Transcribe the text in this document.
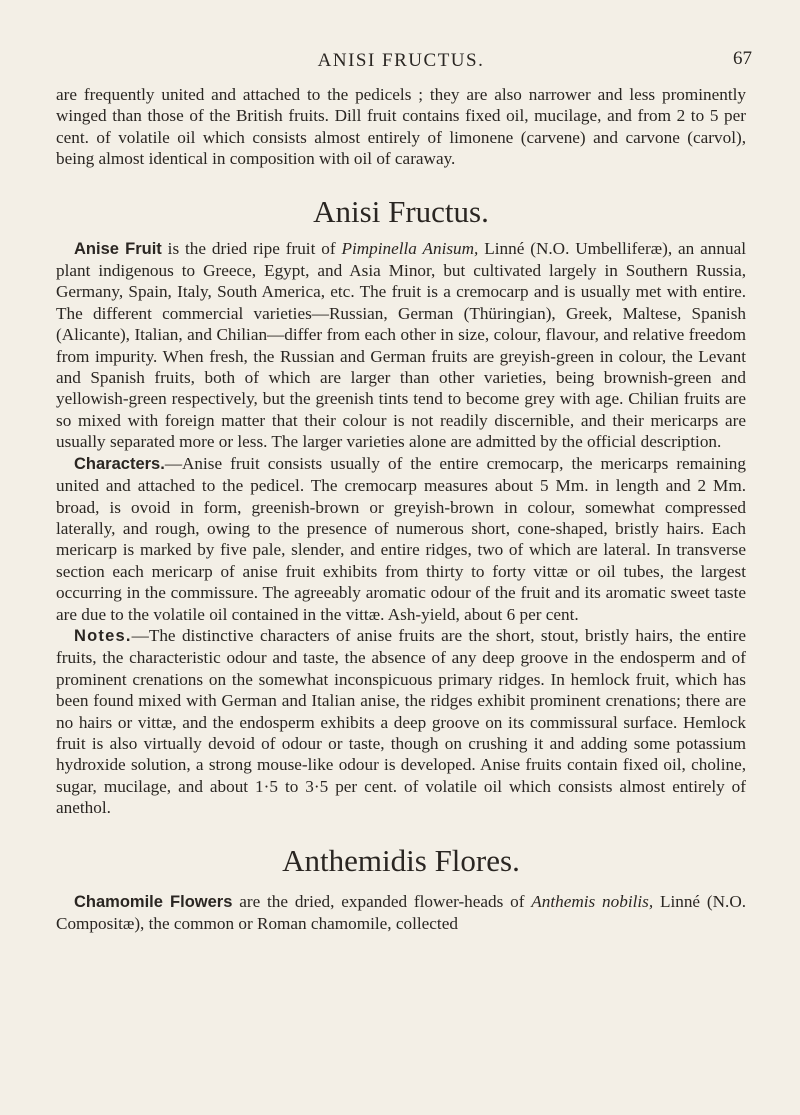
ANISI FRUCTUS.	67

are frequently united and attached to the pedicels ; they are also narrower and less prominently winged than those of the British fruits. Dill fruit contains fixed oil, mucilage, and from 2 to 5 per cent. of volatile oil which consists almost entirely of limonene (carvene) and carvone (carvol), being almost identical in composition with oil of caraway.

Anisi Fructus.

Anise Fruit is the dried ripe fruit of Pimpinella Anisum, Linné (N.O. Umbelliferæ), an annual plant indigenous to Greece, Egypt, and Asia Minor, but cultivated largely in Southern Russia, Germany, Spain, Italy, South America, etc. The fruit is a cremocarp and is usually met with entire. The different commercial varieties—Russian, German (Thüringian), Greek, Maltese, Spanish (Alicante), Italian, and Chilian—differ from each other in size, colour, flavour, and relative freedom from impurity. When fresh, the Russian and German fruits are greyish-green in colour, the Levant and Spanish fruits, both of which are larger than other varieties, being brownish-green and yellowish-green respectively, but the greenish tints tend to become grey with age. Chilian fruits are so mixed with foreign matter that their colour is not readily discernible, and their mericarps are usually separated more or less. The larger varieties alone are admitted by the official description.

Characters.—Anise fruit consists usually of the entire cremocarp, the mericarps remaining united and attached to the pedicel. The cremocarp measures about 5 Mm. in length and 2 Mm. broad, is ovoid in form, greenish-brown or greyish-brown in colour, somewhat compressed laterally, and rough, owing to the presence of numerous short, cone-shaped, bristly hairs. Each mericarp is marked by five pale, slender, and entire ridges, two of which are lateral. In transverse section each mericarp of anise fruit exhibits from thirty to forty vittæ or oil tubes, the largest occurring in the commissure. The agreeably aromatic odour of the fruit and its aromatic sweet taste are due to the volatile oil contained in the vittæ. Ash-yield, about 6 per cent.

Notes.—The distinctive characters of anise fruits are the short, stout, bristly hairs, the entire fruits, the characteristic odour and taste, the absence of any deep groove in the endosperm and of prominent crenations on the somewhat inconspicuous primary ridges. In hemlock fruit, which has been found mixed with German and Italian anise, the ridges exhibit prominent crenations; there are no hairs or vittæ, and the endosperm exhibits a deep groove on its commissural surface. Hemlock fruit is also virtually devoid of odour or taste, though on crushing it and adding some potassium hydroxide solution, a strong mouse-like odour is developed. Anise fruits contain fixed oil, choline, sugar, mucilage, and about 1·5 to 3·5 per cent. of volatile oil which consists almost entirely of anethol.

Anthemidis Flores.

Chamomile Flowers are the dried, expanded flower-heads of Anthemis nobilis, Linné (N.O. Compositæ), the common or Roman chamomile, collected
